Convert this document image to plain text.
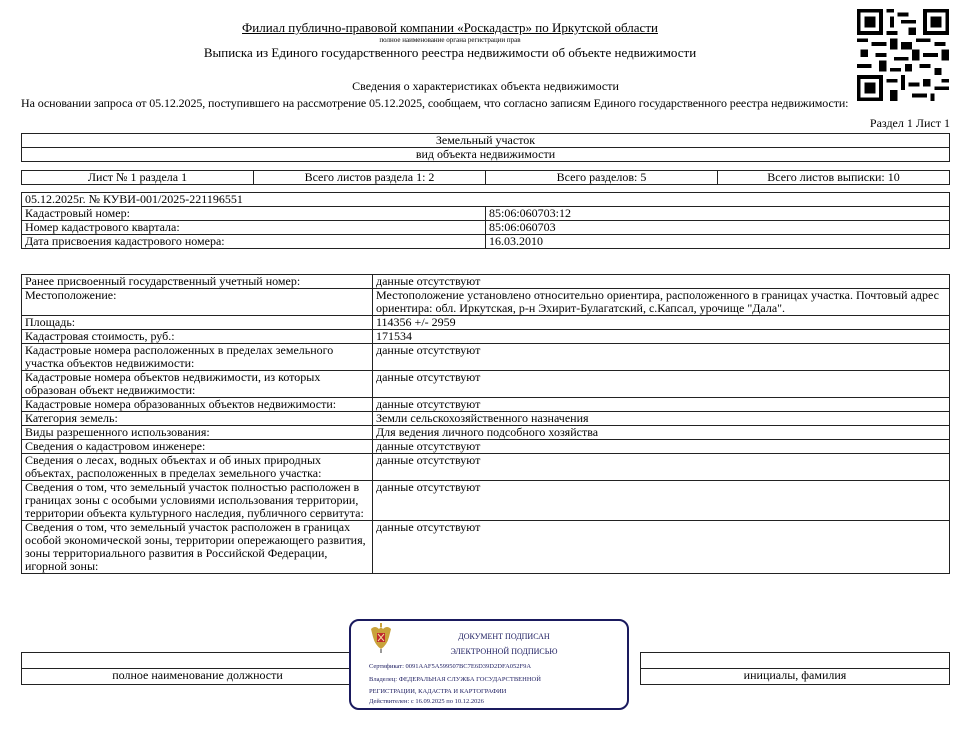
Филиал публично-правовой компании «Роскадастр» по Иркутской области
полное наименование органа регистрации прав
Выписка из Единого государственного реестра недвижимости об объекте недвижимости
Сведения о характеристиках объекта недвижимости
На основании запроса от 05.12.2025, поступившего на рассмотрение 05.12.2025, сообщаем, что согласно записям Единого государственного реестра недвижимости:
Раздел 1 Лист 1
Земельный участок
вид объекта недвижимости
Лист № 1 раздела 1	Всего листов раздела 1: 2	Всего разделов: 5	Всего листов выписки: 10
05.12.2025г. № КУВИ-001/2025-221196551	
Кадастровый номер:	85:06:060703:12
Номер кадастрового квартала:	85:06:060703
Дата присвоения кадастрового номера:	16.03.2010
Ранее присвоенный государственный учетный номер:	данные отсутствуют
Местоположение:	Местоположение установлено относительно ориентира, расположенного в границах участка. Почтовый адрес ориентира: обл. Иркутская, р-н Эхирит-Булагатский, с.Капсал, урочище "Дала".
Площадь:	114356 +/- 2959
Кадастровая стоимость, руб.:	171534
Кадастровые номера расположенных в пределах земельного участка объектов недвижимости:	данные отсутствуют
Кадастровые номера объектов недвижимости, из которых образован объект недвижимости:	данные отсутствуют
Кадастровые номера образованных объектов недвижимости:	данные отсутствуют
Категория земель:	Земли сельскохозяйственного назначения
Виды разрешенного использования:	Для ведения личного подсобного хозяйства
Сведения о кадастровом инженере:	данные отсутствуют
Сведения о лесах, водных объектах и об иных природных объектах, расположенных в пределах земельного участка:	данные отсутствуют
Сведения о том, что земельный участок полностью расположен в границах зоны с особыми условиями использования территории, территории объекта культурного наследия, публичного сервитута:	данные отсутствуют
Сведения о том, что земельный участок расположен в границах особой экономической зоны, территории опережающего развития, зоны территориального развития в Российской Федерации, игорной зоны:	данные отсутствуют

полное наименование должности		инициалы, фамилия
ДОКУМЕНТ ПОДПИСАН
ЭЛЕКТРОННОЙ ПОДПИСЬЮ
Сертификат: 0091AAF5A599507BC7E6D39D2DFA052F9A
Владелец: ФЕДЕРАЛЬНАЯ СЛУЖБА ГОСУДАРСТВЕННОЙ
РЕГИСТРАЦИИ, КАДАСТРА И КАРТОГРАФИИ
Действителен: с 16.09.2025 по 10.12.2026
